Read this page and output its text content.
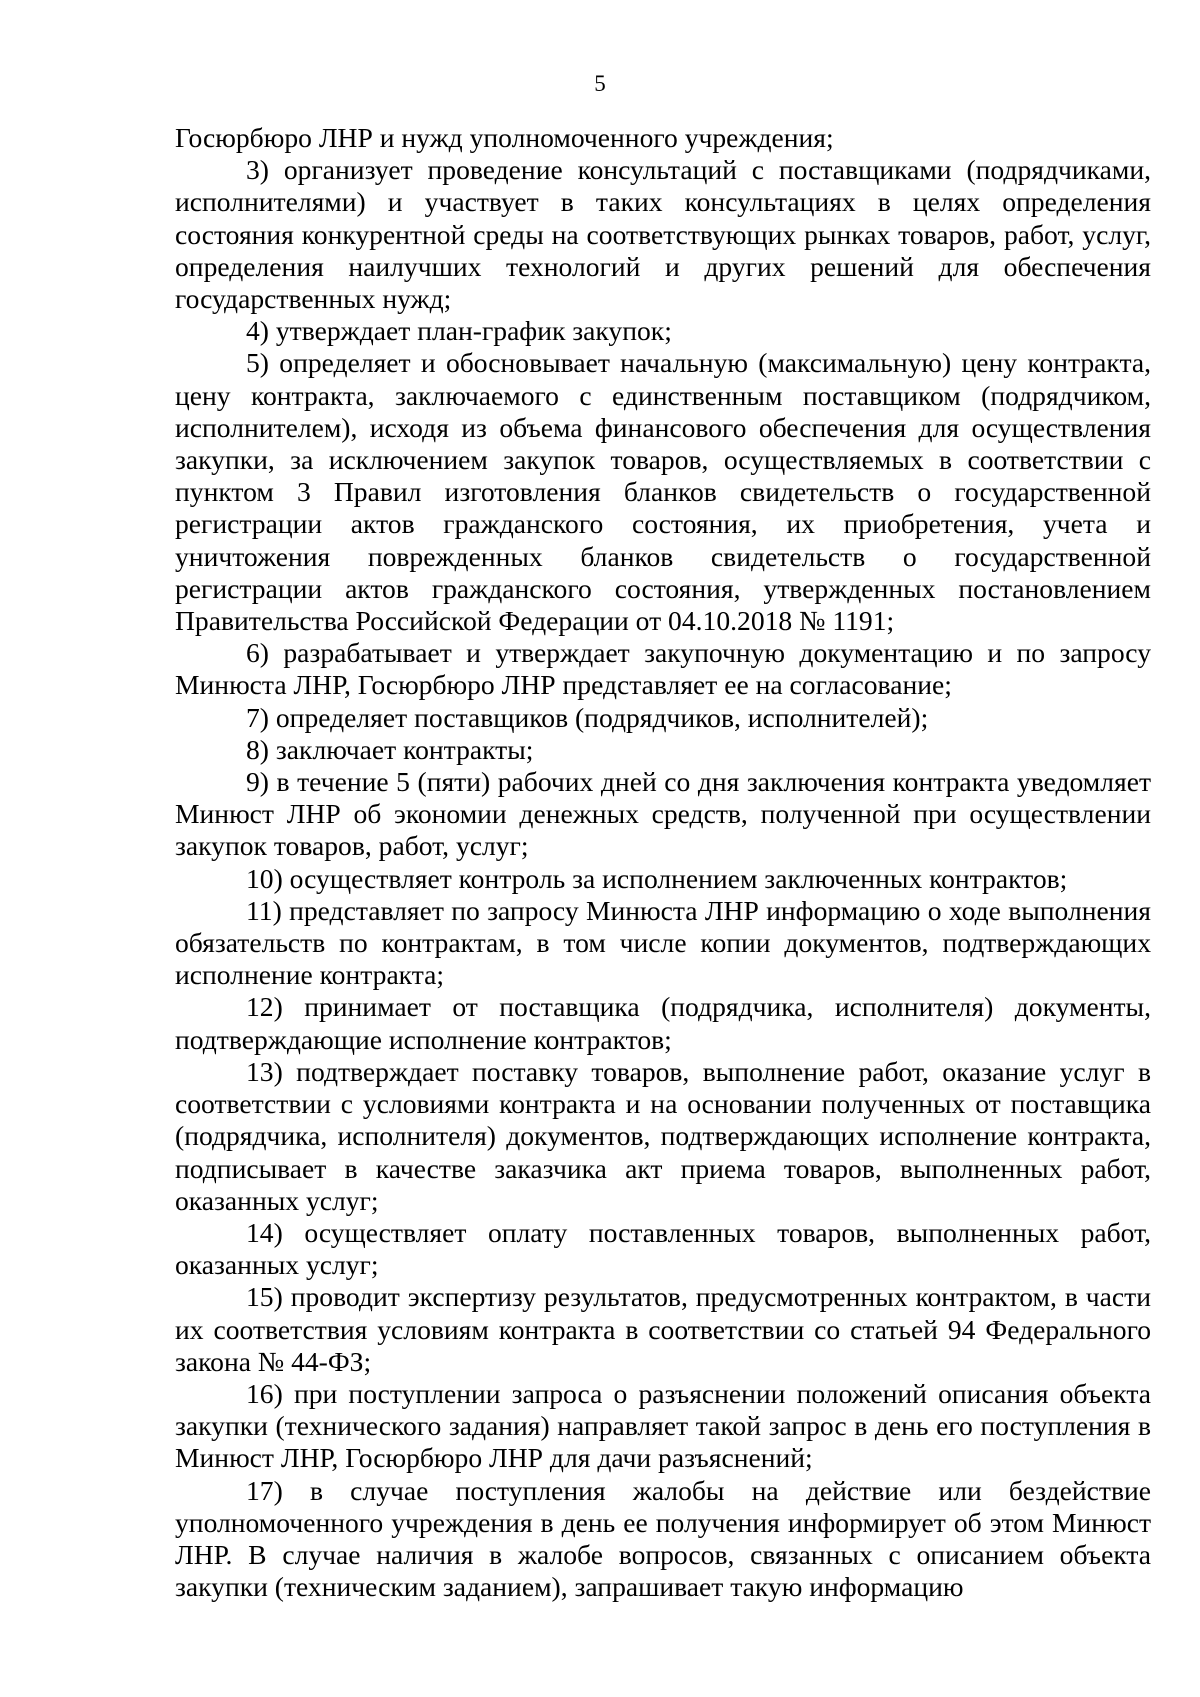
5

Госюрбюро ЛНР и нужд уполномоченного учреждения;

3) организует проведение консультаций с поставщиками (подрядчиками, исполнителями) и участвует в таких консультациях в целях определения состояния конкурентной среды на соответствующих рынках товаров, работ, услуг, определения наилучших технологий и других решений для обеспечения государственных нужд;

4) утверждает план-график закупок;

5) определяет и обосновывает начальную (максимальную) цену контракта, цену контракта, заключаемого с единственным поставщиком (подрядчиком, исполнителем), исходя из объема финансового обеспечения для осуществления закупки, за исключением закупок товаров, осуществляемых в соответствии с пунктом 3 Правил изготовления бланков свидетельств о государственной регистрации актов гражданского состояния, их приобретения, учета и уничтожения поврежденных бланков свидетельств о государственной регистрации актов гражданского состояния, утвержденных постановлением Правительства Российской Федерации от 04.10.2018 № 1191;

6) разрабатывает и утверждает закупочную документацию и по запросу Минюста ЛНР, Госюрбюро ЛНР представляет ее на согласование;

7) определяет поставщиков (подрядчиков, исполнителей);

8) заключает контракты;

9) в течение 5 (пяти) рабочих дней со дня заключения контракта уведомляет Минюст ЛНР об экономии денежных средств, полученной при осуществлении закупок товаров, работ, услуг;

10) осуществляет контроль за исполнением заключенных контрактов;

11) представляет по запросу Минюста ЛНР информацию о ходе выполнения обязательств по контрактам, в том числе копии документов, подтверждающих исполнение контракта;

12) принимает от поставщика (подрядчика, исполнителя) документы, подтверждающие исполнение контрактов;

13) подтверждает поставку товаров, выполнение работ, оказание услуг в соответствии с условиями контракта и на основании полученных от поставщика (подрядчика, исполнителя) документов, подтверждающих исполнение контракта, подписывает в качестве заказчика акт приема товаров, выполненных работ, оказанных услуг;

14) осуществляет оплату поставленных товаров, выполненных работ, оказанных услуг;

15) проводит экспертизу результатов, предусмотренных контрактом, в части их соответствия условиям контракта в соответствии со статьей 94 Федерального закона № 44-ФЗ;

16) при поступлении запроса о разъяснении положений описания объекта закупки (технического задания) направляет такой запрос в день его поступления в Минюст ЛНР, Госюрбюро ЛНР для дачи разъяснений;

17) в случае поступления жалобы на действие или бездействие уполномоченного учреждения в день ее получения информирует об этом Минюст ЛНР. В случае наличия в жалобе вопросов, связанных с описанием объекта закупки (техническим заданием), запрашивает такую информацию
